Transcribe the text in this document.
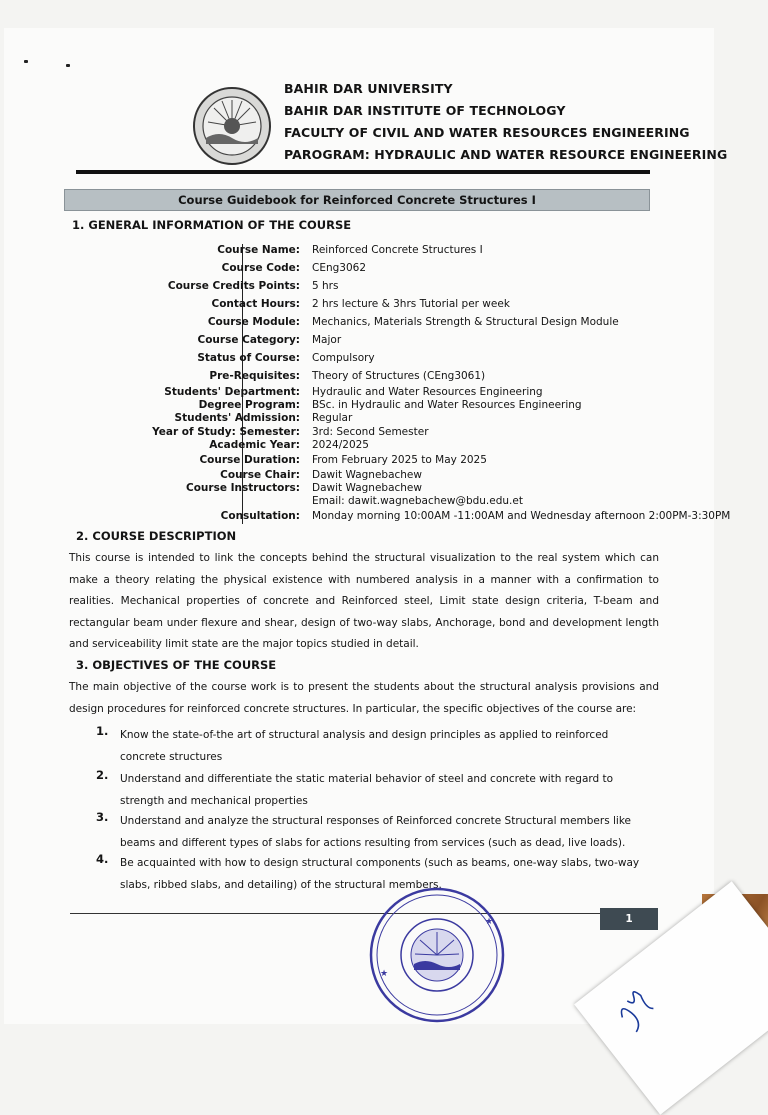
BAHIR DAR UNIVERSITY
BAHIR DAR INSTITUTE OF TECHNOLOGY
FACULTY OF CIVIL AND WATER RESOURCES ENGINEERING
PAROGRAM: HYDRAULIC AND WATER RESOURCE ENGINEERING
Course Guidebook for Reinforced Concrete Structures I
1. GENERAL INFORMATION OF THE COURSE
Course Name: Reinforced Concrete Structures I
Course Code: CEng3062
Course Credits Points: 5 hrs
Contact Hours: 2 hrs lecture & 3hrs Tutorial per week
Course Module: Mechanics, Materials Strength & Structural Design Module
Course Category: Major
Status of Course: Compulsory
Pre-Requisites: Theory of Structures (CEng3061)
Students' Department: Hydraulic and Water Resources Engineering
Degree Program: BSc. in Hydraulic and Water Resources Engineering
Students' Admission: Regular
Year of Study: Semester: 3rd: Second Semester
Academic Year: 2024/2025
Course Duration: From February 2025 to May 2025
Course Chair: Dawit Wagnebachew
Course Instructors: Dawit Wagnebachew
Email: dawit.wagnebachew@bdu.edu.et
Consultation: Monday morning 10:00AM -11:00AM and Wednesday afternoon 2:00PM-3:30PM
2. COURSE DESCRIPTION
This course is intended to link the concepts behind the structural visualization to the real system which can make a theory relating the physical existence with numbered analysis in a manner with a confirmation to realities. Mechanical properties of concrete and Reinforced steel, Limit state design criteria, T-beam and rectangular beam under flexure and shear, design of two-way slabs, Anchorage, bond and development length and serviceability limit state are the major topics studied in detail.
3. OBJECTIVES OF THE COURSE
The main objective of the course work is to present the students about the structural analysis provisions and design procedures for reinforced concrete structures. In particular, the specific objectives of the course are:
1. Know the state-of-the art of structural analysis and design principles as applied to reinforced concrete structures
2. Understand and differentiate the static material behavior of steel and concrete with regard to strength and mechanical properties
3. Understand and analyze the structural responses of Reinforced concrete Structural members like beams and different types of slabs for actions resulting from services (such as dead, live loads).
4. Be acquainted with how to design structural components (such as beams, one-way slabs, two-way slabs, ribbed slabs, and detailing) of the structural members.
1
★
★
